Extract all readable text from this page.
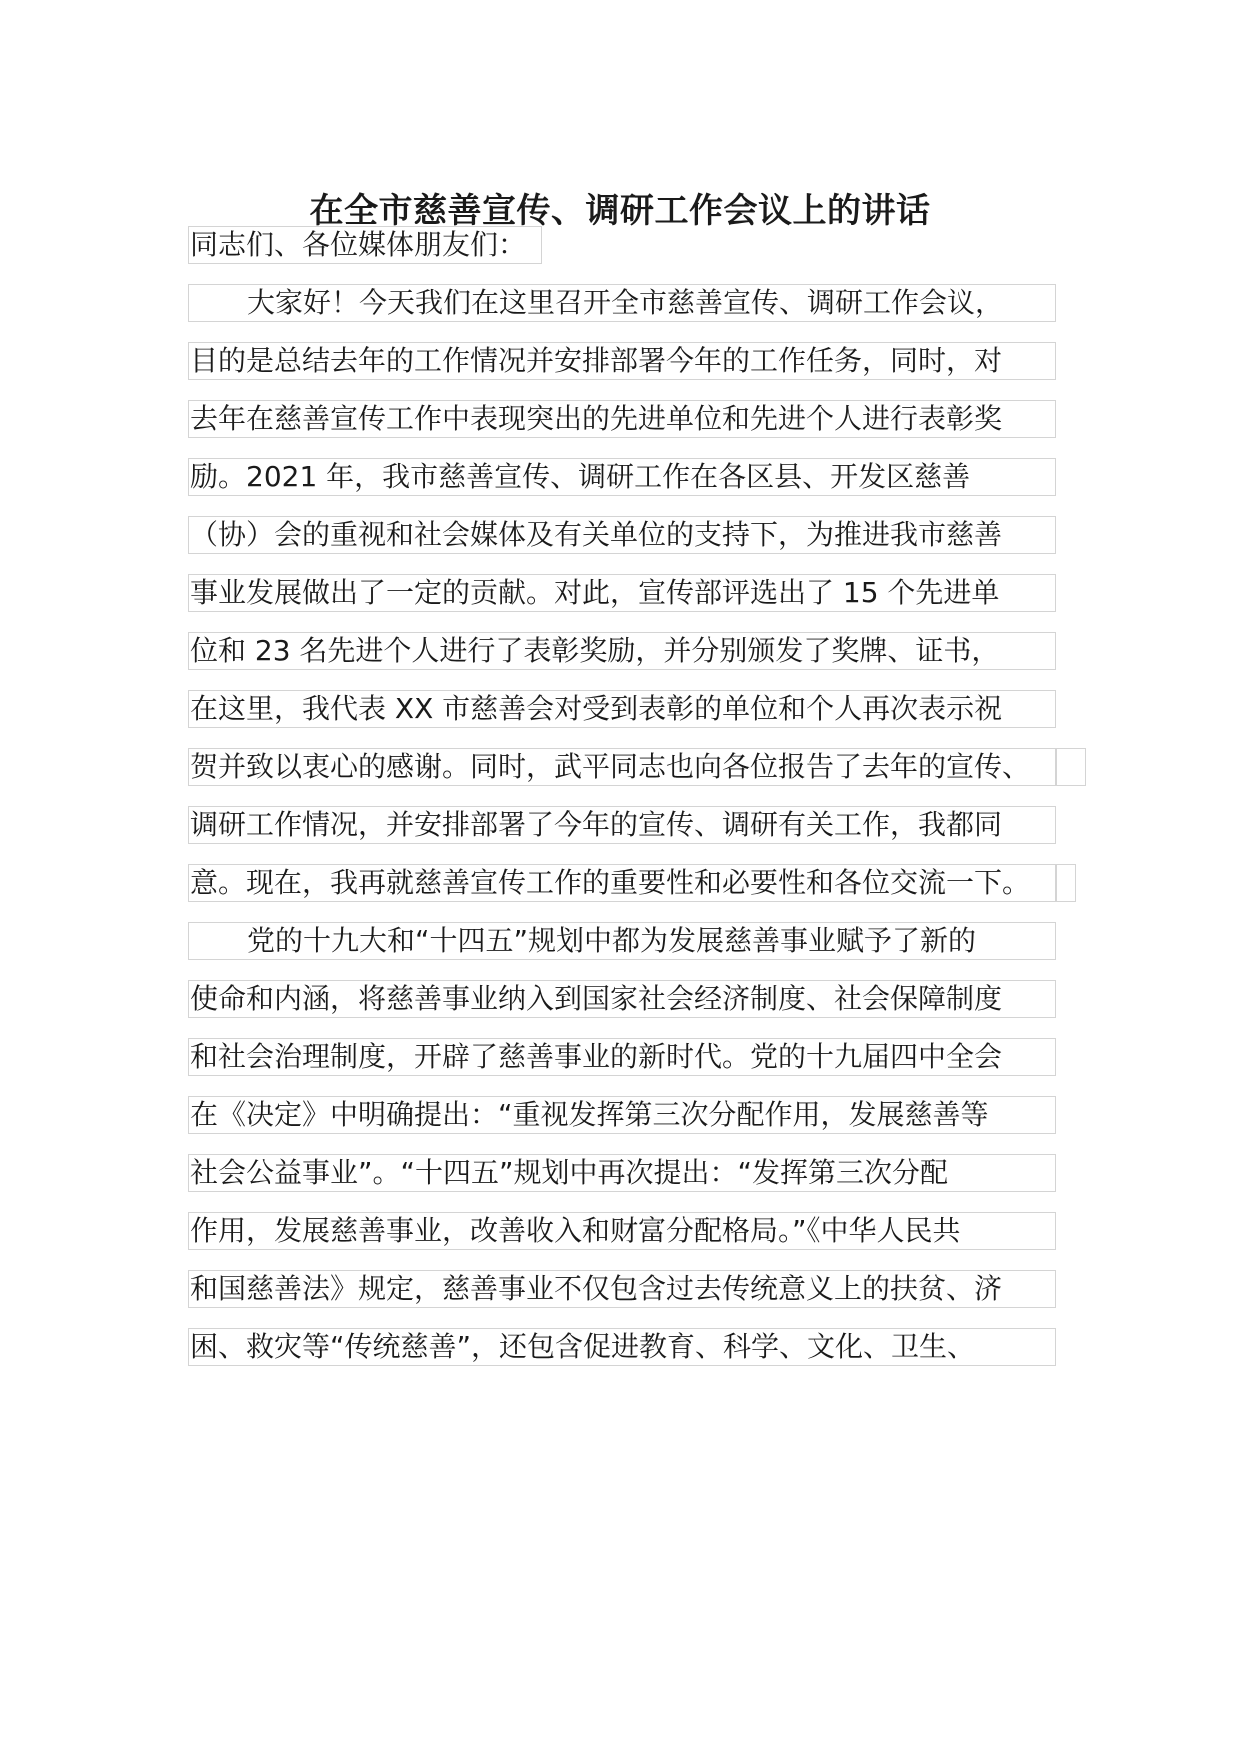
在全市慈善宣传、调研工作会议上的讲话
同志们、各位媒体朋友们：
大家好！今天我们在这里召开全市慈善宣传、调研工作会议，
目的是总结去年的工作情况并安排部署今年的工作任务，同时，对
去年在慈善宣传工作中表现突出的先进单位和先进个人进行表彰奖
励。2021 年，我市慈善宣传、调研工作在各区县、开发区慈善
（协）会的重视和社会媒体及有关单位的支持下，为推进我市慈善
事业发展做出了一定的贡献。对此，宣传部评选出了 15 个先进单
位和 23 名先进个人进行了表彰奖励，并分别颁发了奖牌、证书，
在这里，我代表 XX 市慈善会对受到表彰的单位和个人再次表示祝
贺并致以衷心的感谢。同时，武平同志也向各位报告了去年的宣传、
调研工作情况，并安排部署了今年的宣传、调研有关工作，我都同
意。现在，我再就慈善宣传工作的重要性和必要性和各位交流一下。
党的十九大和“十四五”规划中都为发展慈善事业赋予了新的
使命和内涵，将慈善事业纳入到国家社会经济制度、社会保障制度
和社会治理制度，开辟了慈善事业的新时代。党的十九届四中全会
在《决定》中明确提出：“重视发挥第三次分配作用，发展慈善等
社会公益事业”。“十四五”规划中再次提出：“发挥第三次分配
作用，发展慈善事业，改善收入和财富分配格局。”《中华人民共
和国慈善法》规定，慈善事业不仅包含过去传统意义上的扶贫、济
困、救灾等“传统慈善”，还包含促进教育、科学、文化、卫生、
